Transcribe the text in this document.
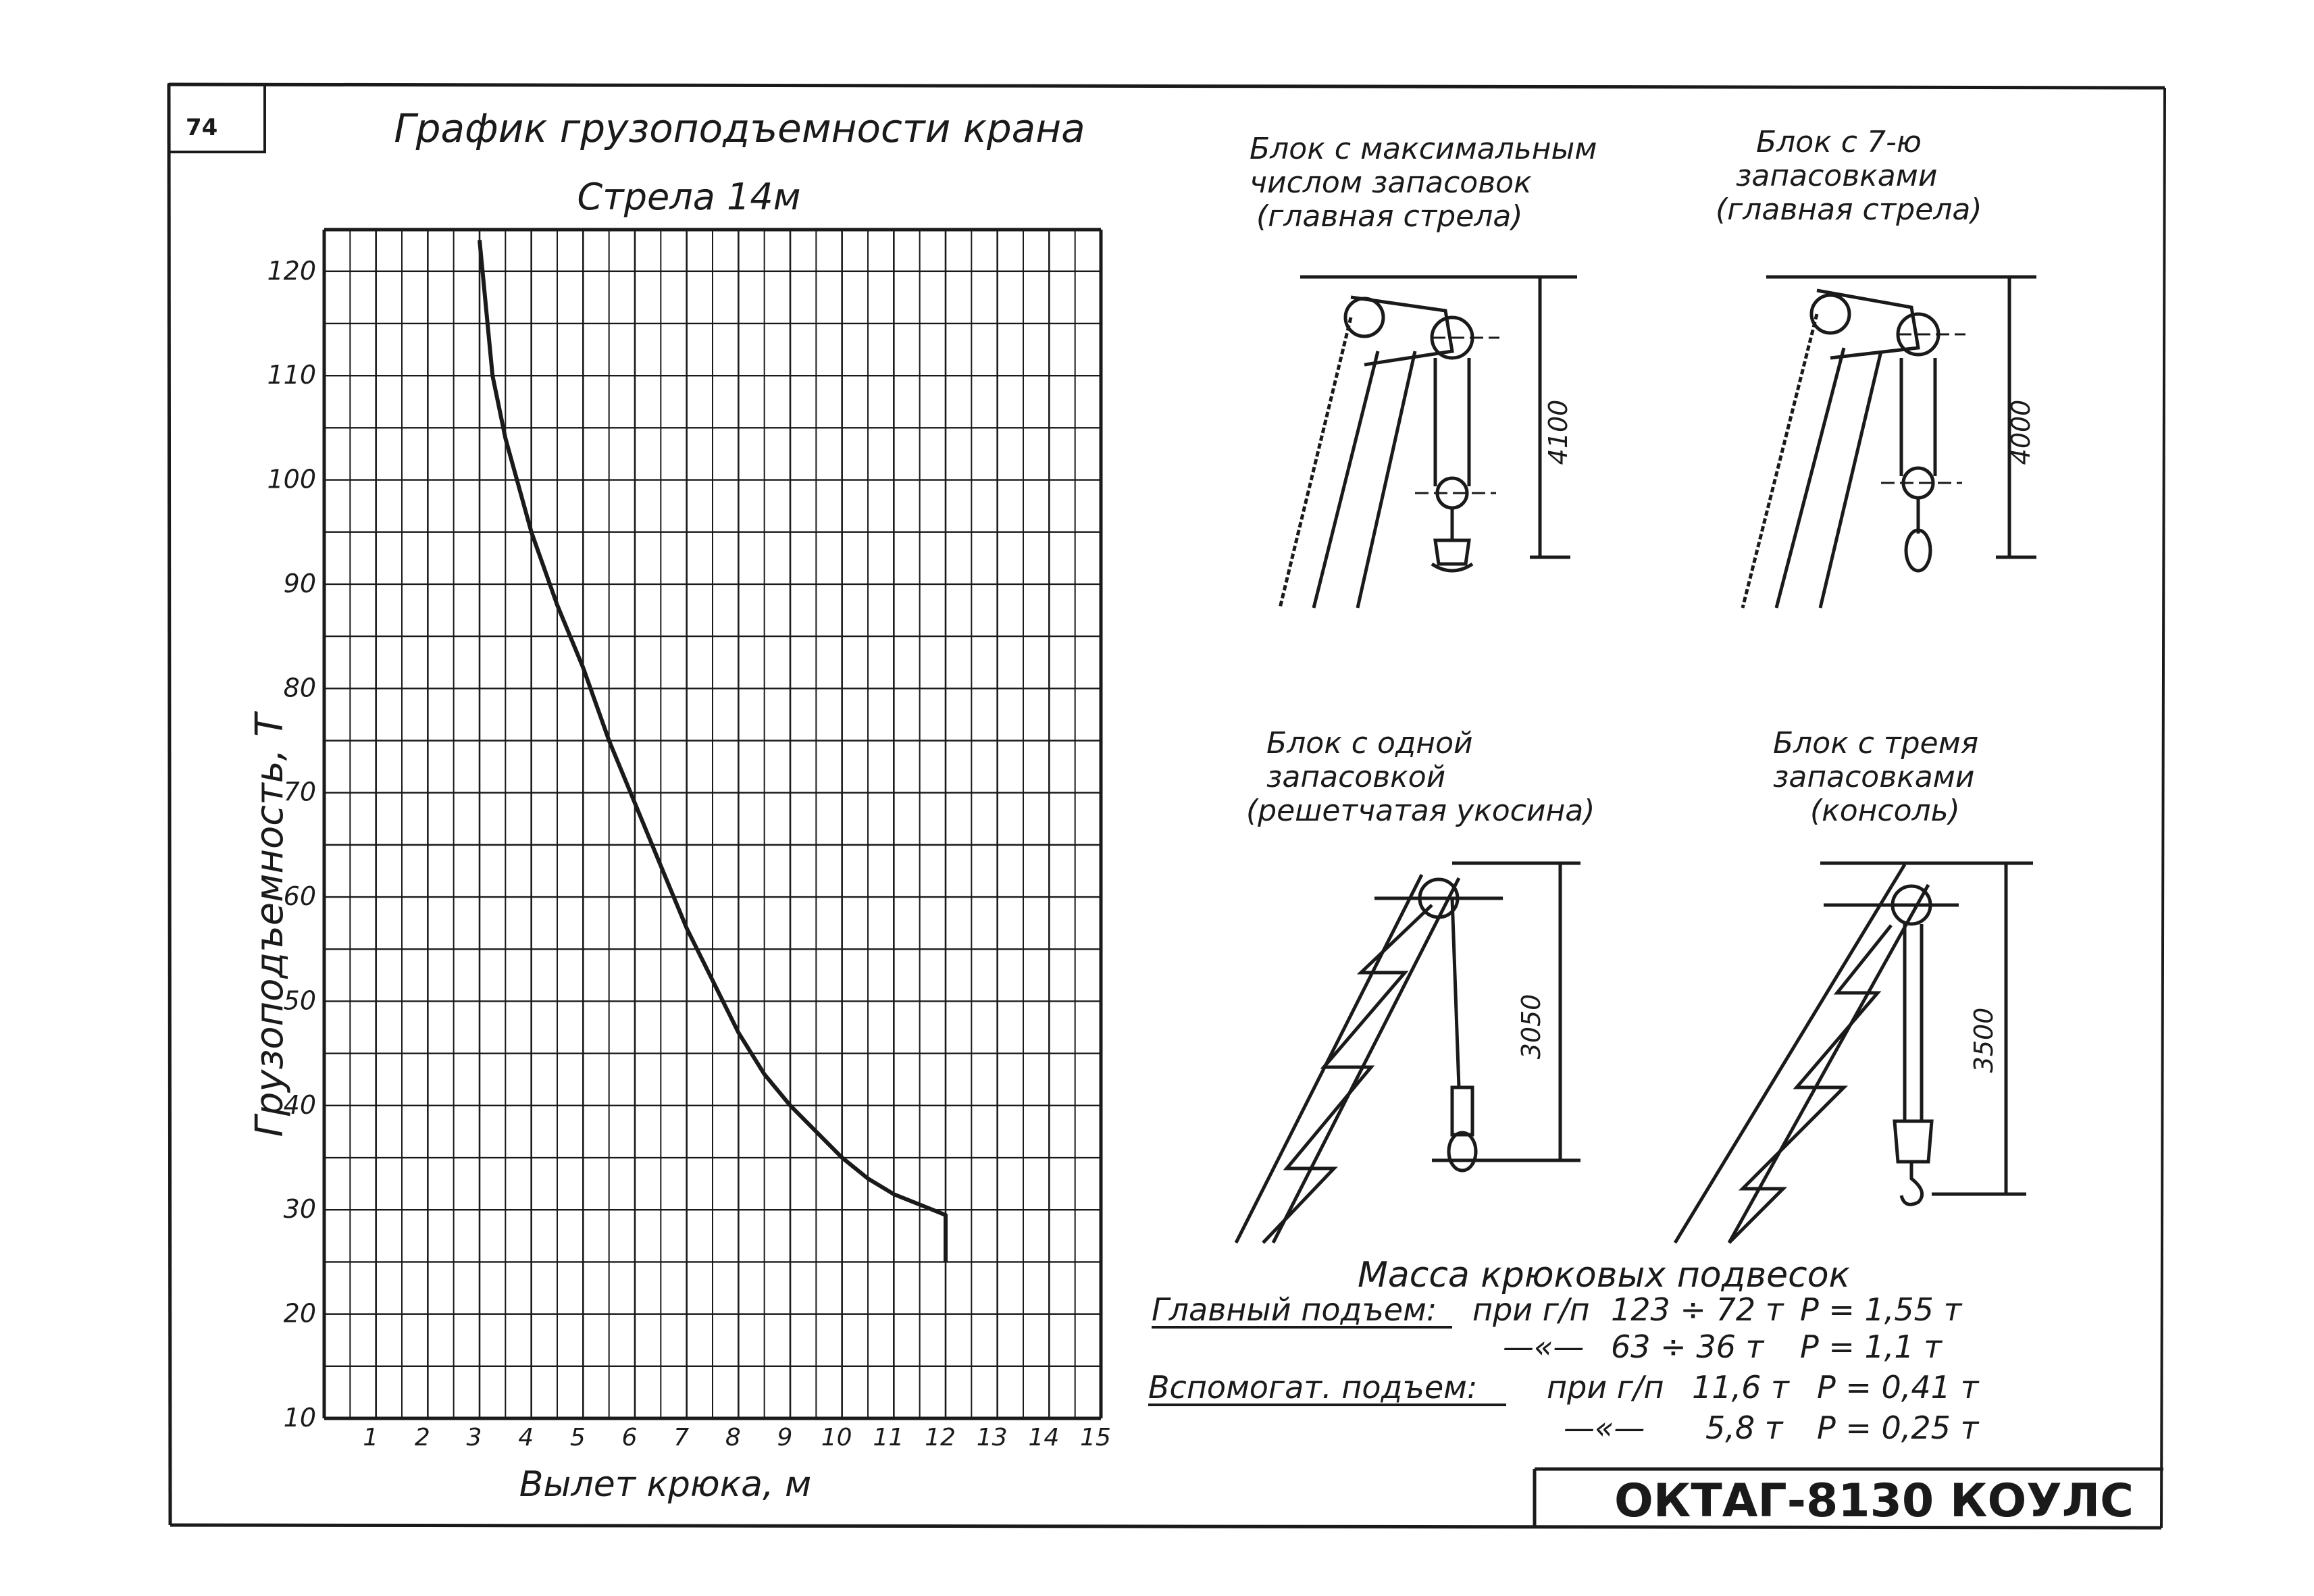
74	График грузоподъемности крана
Стрела 14м
1 2 3 4 5 6 7 8 9 10 11 12 13 14 15
10
20
30
40
50
60
70
80
90
100
110
120
Вылет крюка, м
Грузоподъемность, Т
Блок с максимальным
числом запасовок
(главная стрела)
4100
Блок с 7-ю
запасовками
(главная стрела)
4000
Блок с одной
запасовкой
(решетчатая укосина)
3050
Блок с тремя
запасовками
(консоль)
3500
Масса крюковых подвесок
Главный подъем: при г/п 123 ÷ 72 т P = 1,55 т
—«— 63 ÷ 36 т P = 1,1 т
Вспомогат. подъем: при г/п 11,6 т P = 0,41 т
—«— 5,8 т P = 0,25 т
ОКТАГ-8130 КОУЛС
